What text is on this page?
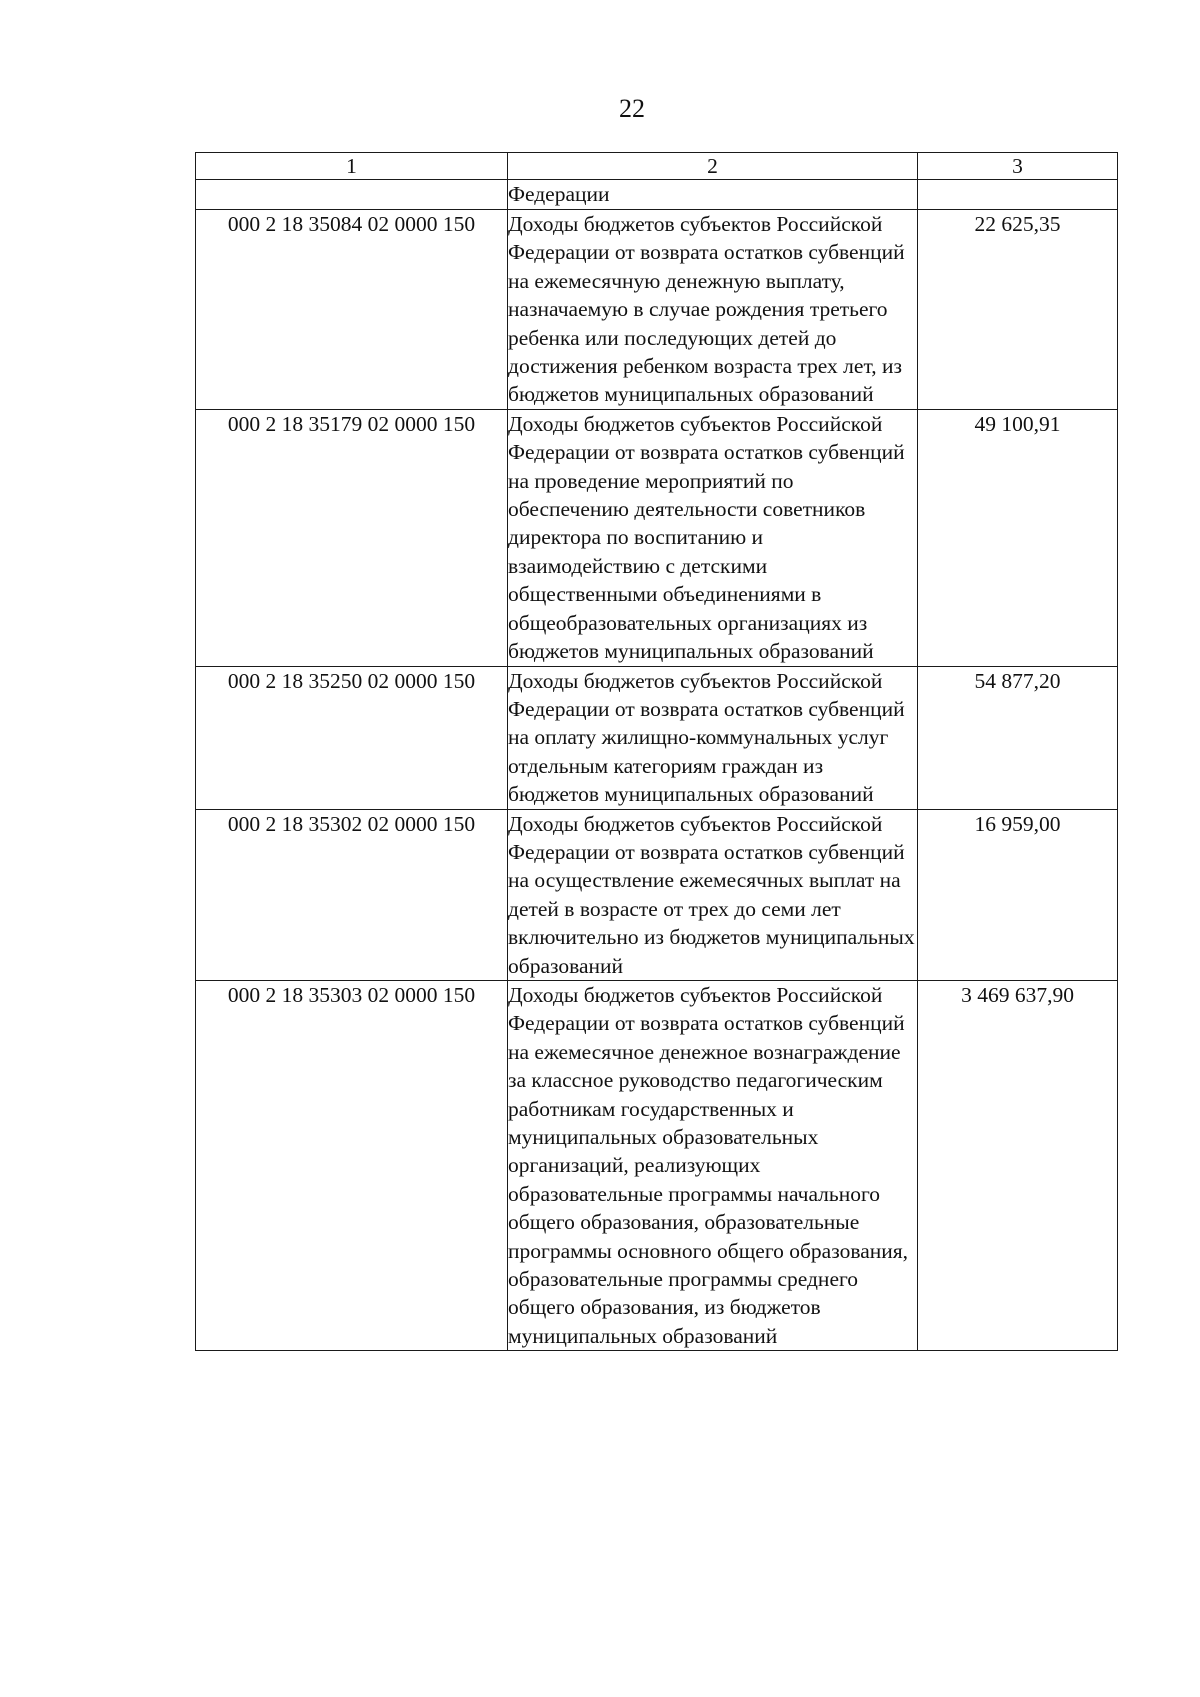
22
1	2	3
	Федерации	
000 2 18 35084 02 0000 150	Доходы бюджетов субъектов Российской Федерации от возврата остатков субвенций на ежемесячную денежную выплату, назначаемую в случае рождения третьего ребенка или последующих детей до достижения ребенком возраста трех лет, из бюджетов муниципальных образований	22 625,35
000 2 18 35179 02 0000 150	Доходы бюджетов субъектов Российской Федерации от возврата остатков субвенций на проведение мероприятий по обеспечению деятельности советников директора по воспитанию и взаимодействию с детскими общественными объединениями в общеобразовательных организациях из бюджетов муниципальных образований	49 100,91
000 2 18 35250 02 0000 150	Доходы бюджетов субъектов Российской Федерации от возврата остатков субвенций на оплату жилищно-коммунальных услуг отдельным категориям граждан из бюджетов муниципальных образований	54 877,20
000 2 18 35302 02 0000 150	Доходы бюджетов субъектов Российской Федерации от возврата остатков субвенций на осуществление ежемесячных выплат на детей в возрасте от трех до семи лет включительно из бюджетов муниципальных образований	16 959,00
000 2 18 35303 02 0000 150	Доходы бюджетов субъектов Российской Федерации от возврата остатков субвенций на ежемесячное денежное вознаграждение за классное руководство педагогическим работникам государственных и муниципальных образовательных организаций, реализующих образовательные программы начального общего образования, образовательные программы основного общего образования, образовательные программы среднего общего образования, из бюджетов муниципальных образований	3 469 637,90
